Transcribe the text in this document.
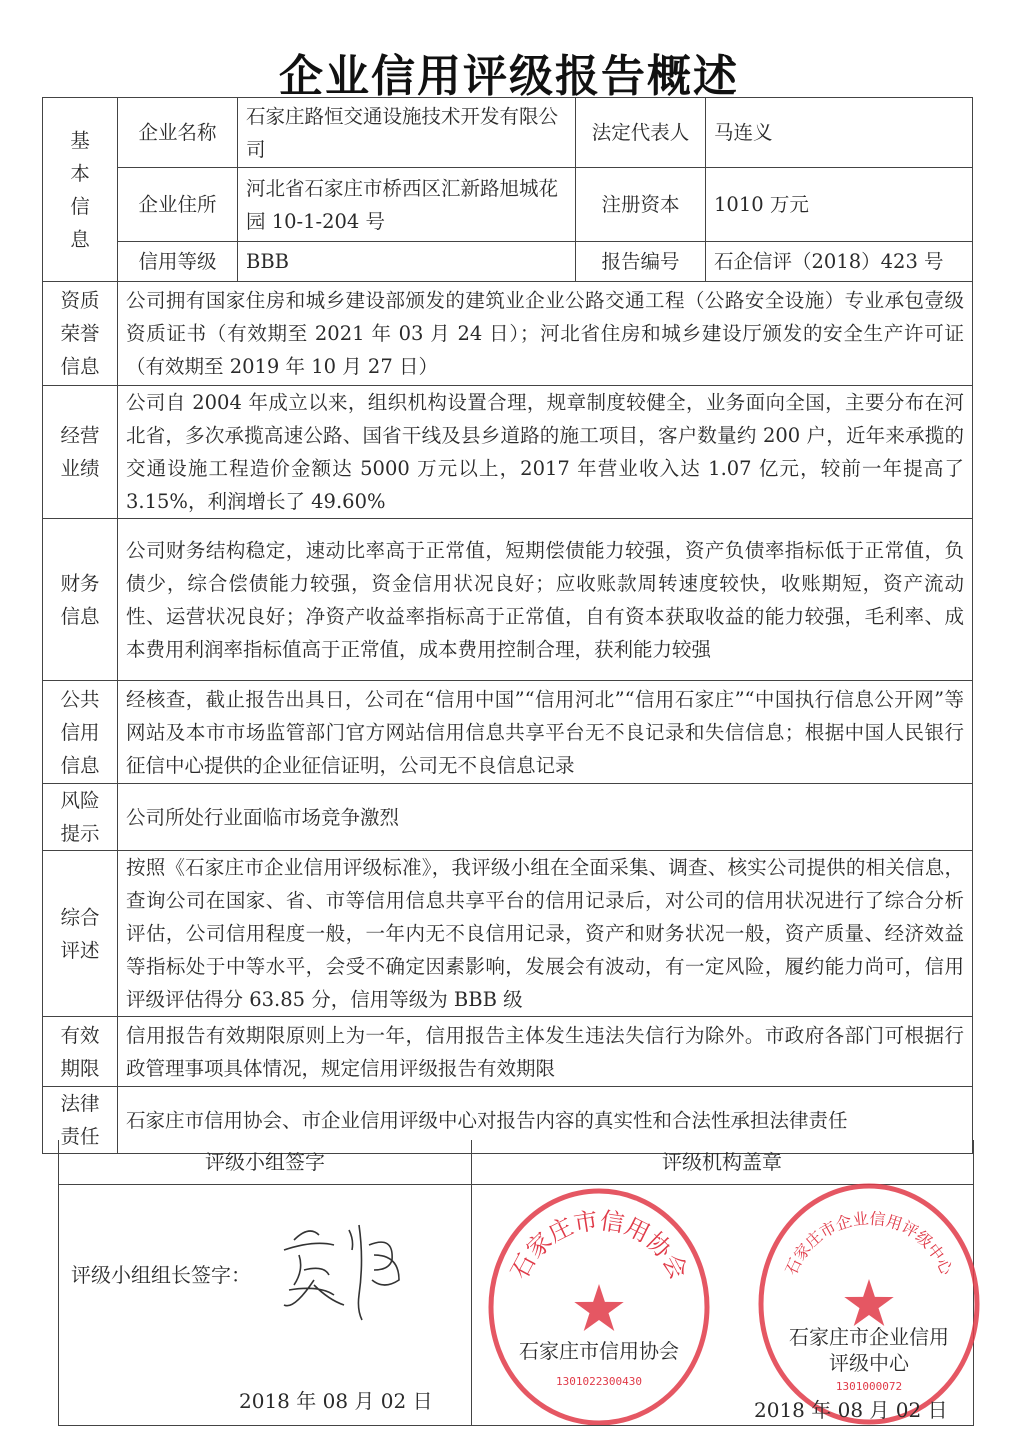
企业信用评级报告概述
基本信息	企业名称	石家庄路恒交通设施技术开发有限公司	法定代表人	马连义
	企业住所	河北省石家庄市桥西区汇新路旭城花园 10-1-204 号	注册资本	1010 万元
	信用等级	BBB	报告编号	石企信评（2018）423 号
资质荣誉信息	公司拥有国家住房和城乡建设部颁发的建筑业企业公路交通工程（公路安全设施）专业承包壹级资质证书（有效期至 2021 年 03 月 24 日）；河北省住房和城乡建设厅颁发的安全生产许可证（有效期至 2019 年 10 月 27 日）			
经营业绩	公司自 2004 年成立以来，组织机构设置合理，规章制度较健全，业务面向全国，主要分布在河北省，多次承揽高速公路、国省干线及县乡道路的施工项目，客户数量约 200 户，近年来承揽的交通设施工程造价金额达 5000 万元以上，2017 年营业收入达 1.07 亿元，较前一年提高了 3.15%，利润增长了 49.60%			
财务信息	公司财务结构稳定，速动比率高于正常值，短期偿债能力较强，资产负债率指标低于正常值，负债少，综合偿债能力较强，资金信用状况良好；应收账款周转速度较快，收账期短，资产流动性、运营状况良好；净资产收益率指标高于正常值，自有资本获取收益的能力较强，毛利率、成本费用利润率指标值高于正常值，成本费用控制合理，获利能力较强			
公共信用信息	经核查，截止报告出具日，公司在“信用中国”“信用河北”“信用石家庄”“中国执行信息公开网”等网站及本市市场监管部门官方网站信用信息共享平台无不良记录和失信信息；根据中国人民银行征信中心提供的企业征信证明，公司无不良信息记录			
风险提示	公司所处行业面临市场竞争激烈			
综合评述	按照《石家庄市企业信用评级标准》，我评级小组在全面采集、调查、核实公司提供的相关信息，查询公司在国家、省、市等信用信息共享平台的信用记录后，对公司的信用状况进行了综合分析评估，公司信用程度一般，一年内无不良信用记录，资产和财务状况一般，资产质量、经济效益等指标处于中等水平，会受不确定因素影响，发展会有波动，有一定风险，履约能力尚可，信用评级评估得分 63.85 分，信用等级为 BBB 级			
有效期限	信用报告有效期限原则上为一年，信用报告主体发生违法失信行为除外。市政府各部门可根据行政管理事项具体情况，规定信用评级报告有效期限			
法律责任	石家庄市信用协会、市企业信用评级中心对报告内容的真实性和合法性承担法律责任			
评级小组签字	评级机构盖章
评级小组组长签字：
2018 年 08 月 02 日
石家庄市信用协会
1301022300430
石家庄市企业信用评级中心
1301000072
石家庄市信用协会
石家庄市企业信用
评级中心
2018 年 08 月 02 日
